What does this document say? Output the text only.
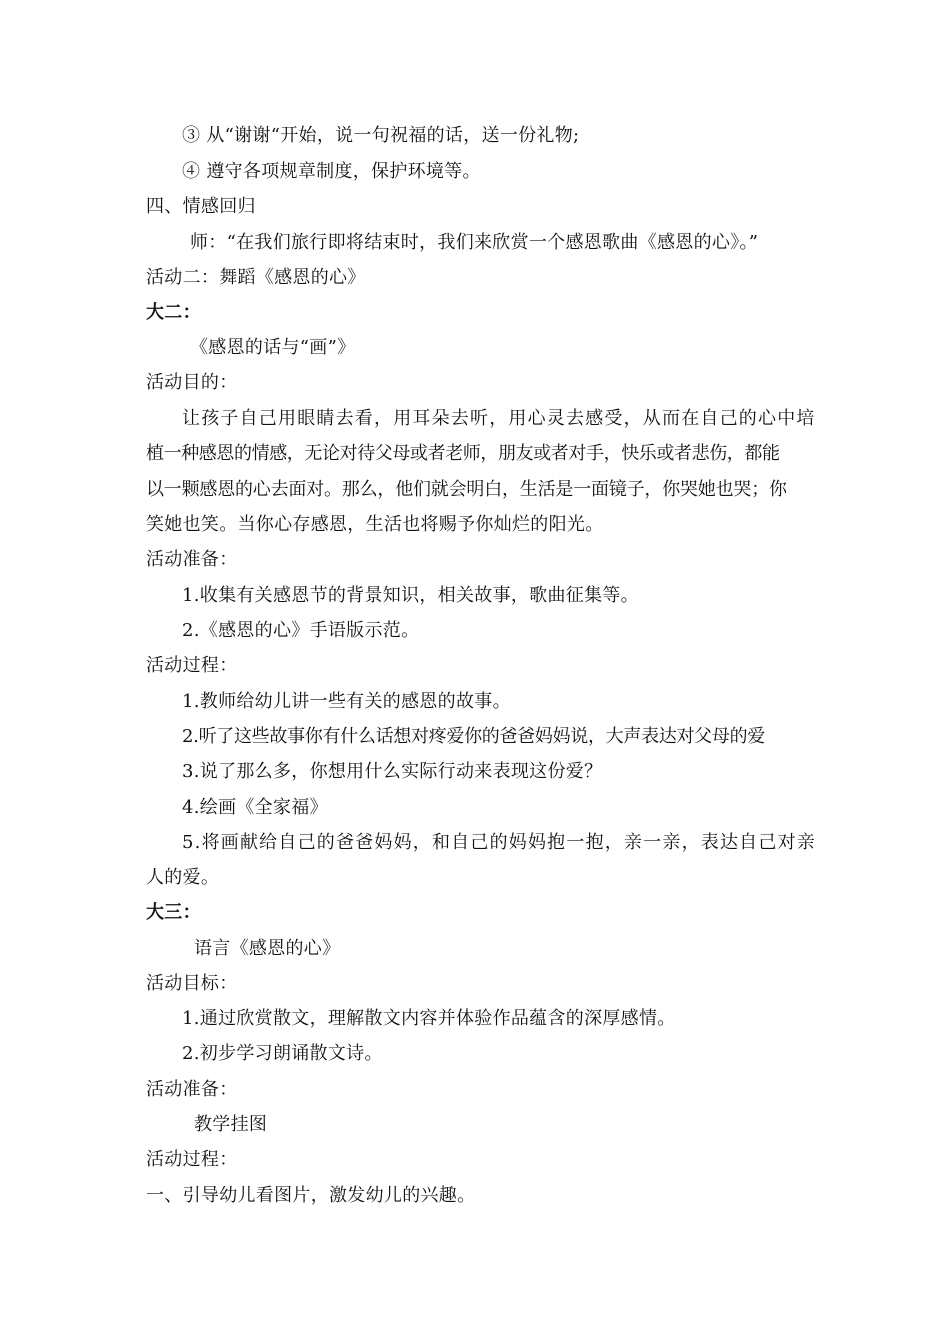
③ 从“谢谢“开始，说一句祝福的话，送一份礼物;
④ 遵守各项规章制度，保护环境等。
四、情感回归
师：“在我们旅行即将结束时，我们来欣赏一个感恩歌曲《感恩的心》。”
活动二：舞蹈《感恩的心》
大二：
《感恩的话与“画”》
活动目的：
让孩子自己用眼睛去看，用耳朵去听，用心灵去感受，从而在自己的心中培
植一种感恩的情感，无论对待父母或者老师，朋友或者对手，快乐或者悲伤，都能
以一颗感恩的心去面对。那么，他们就会明白，生活是一面镜子，你哭她也哭；你
笑她也笑。当你心存感恩，生活也将赐予你灿烂的阳光。
活动准备：
1.收集有关感恩节的背景知识，相关故事，歌曲征集等。
2.《感恩的心》手语版示范。
活动过程：
1.教师给幼儿讲一些有关的感恩的故事。
2.听了这些故事你有什么话想对疼爱你的爸爸妈妈说，大声表达对父母的爱
3.说了那么多，你想用什么实际行动来表现这份爱？
4.绘画《全家福》
5.将画献给自己的爸爸妈妈，和自己的妈妈抱一抱，亲一亲，表达自己对亲
人的爱。
大三：
语言《感恩的心》
活动目标：
1.通过欣赏散文，理解散文内容并体验作品蕴含的深厚感情。
2.初步学习朗诵散文诗。
活动准备：
教学挂图
活动过程：
一、引导幼儿看图片，激发幼儿的兴趣。
